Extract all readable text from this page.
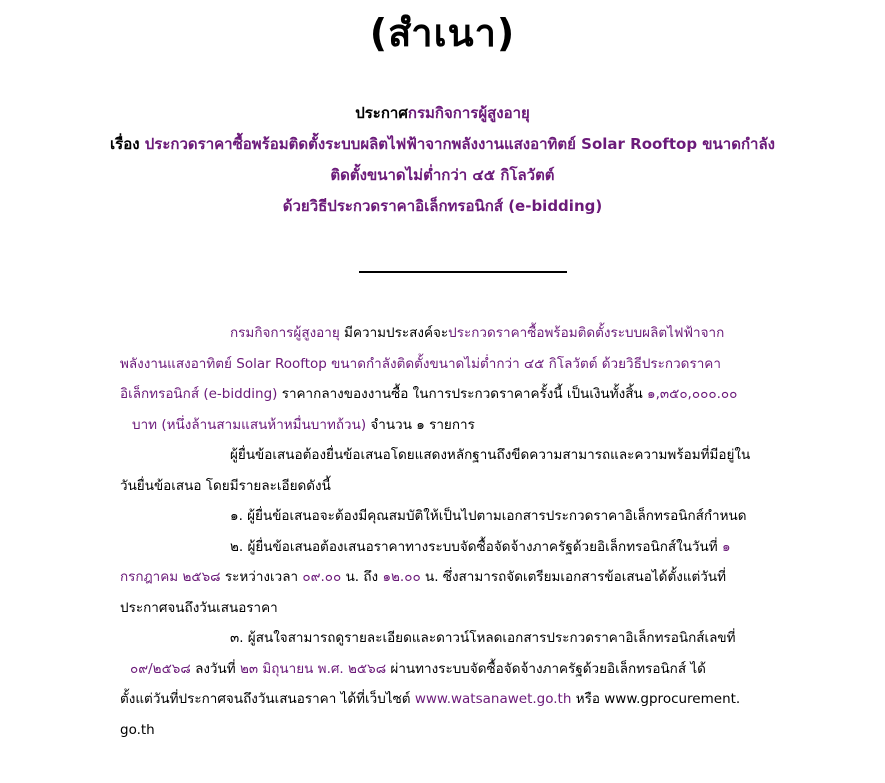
(สำเนา)
ประกาศกรมกิจการผู้สูงอายุ
เรื่อง ประกวดราคาซื้อพร้อมติดตั้งระบบผลิตไฟฟ้าจากพลังงานแสงอาทิตย์ Solar Rooftop ขนาดกำลัง
ติดตั้งขนาดไม่ต่ำกว่า ๔๕ กิโลวัตต์
ด้วยวิธีประกวดราคาอิเล็กทรอนิกส์ (e-bidding)
กรมกิจการผู้สูงอายุ มีความประสงค์จะประกวดราคาซื้อพร้อมติดตั้งระบบผลิตไฟฟ้าจาก
พลังงานแสงอาทิตย์ Solar Rooftop ขนาดกำลังติดตั้งขนาดไม่ต่ำกว่า ๔๕ กิโลวัตต์ ด้วยวิธีประกวดราคา
อิเล็กทรอนิกส์ (e-bidding) ราคากลางของงานซื้อ ในการประกวดราคาครั้งนี้ เป็นเงินทั้งสิ้น ๑,๓๕๐,๐๐๐.๐๐
บาท (หนึ่งล้านสามแสนห้าหมื่นบาทถ้วน) จำนวน ๑ รายการ
ผู้ยื่นข้อเสนอต้องยื่นข้อเสนอโดยแสดงหลักฐานถึงขีดความสามารถและความพร้อมที่มีอยู่ใน
วันยื่นข้อเสนอ โดยมีรายละเอียดดังนี้
๑. ผู้ยื่นข้อเสนอจะต้องมีคุณสมบัติให้เป็นไปตามเอกสารประกวดราคาอิเล็กทรอนิกส์กำหนด
๒. ผู้ยื่นข้อเสนอต้องเสนอราคาทางระบบจัดซื้อจัดจ้างภาครัฐด้วยอิเล็กทรอนิกส์ในวันที่ ๑
กรกฎาคม ๒๕๖๘ ระหว่างเวลา ๐๙.๐๐ น. ถึง ๑๒.๐๐ น. ซึ่งสามารถจัดเตรียมเอกสารข้อเสนอได้ตั้งแต่วันที่
ประกาศจนถึงวันเสนอราคา
๓. ผู้สนใจสามารถดูรายละเอียดและดาวน์โหลดเอกสารประกวดราคาอิเล็กทรอนิกส์เลขที่
๐๙/๒๕๖๘ ลงวันที่ ๒๓ มิถุนายน พ.ศ. ๒๕๖๘ ผ่านทางระบบจัดซื้อจัดจ้างภาครัฐด้วยอิเล็กทรอนิกส์ ได้
ตั้งแต่วันที่ประกาศจนถึงวันเสนอราคา ได้ที่เว็บไซต์ www.watsanawet.go.th หรือ www.gprocurement.
go.th
